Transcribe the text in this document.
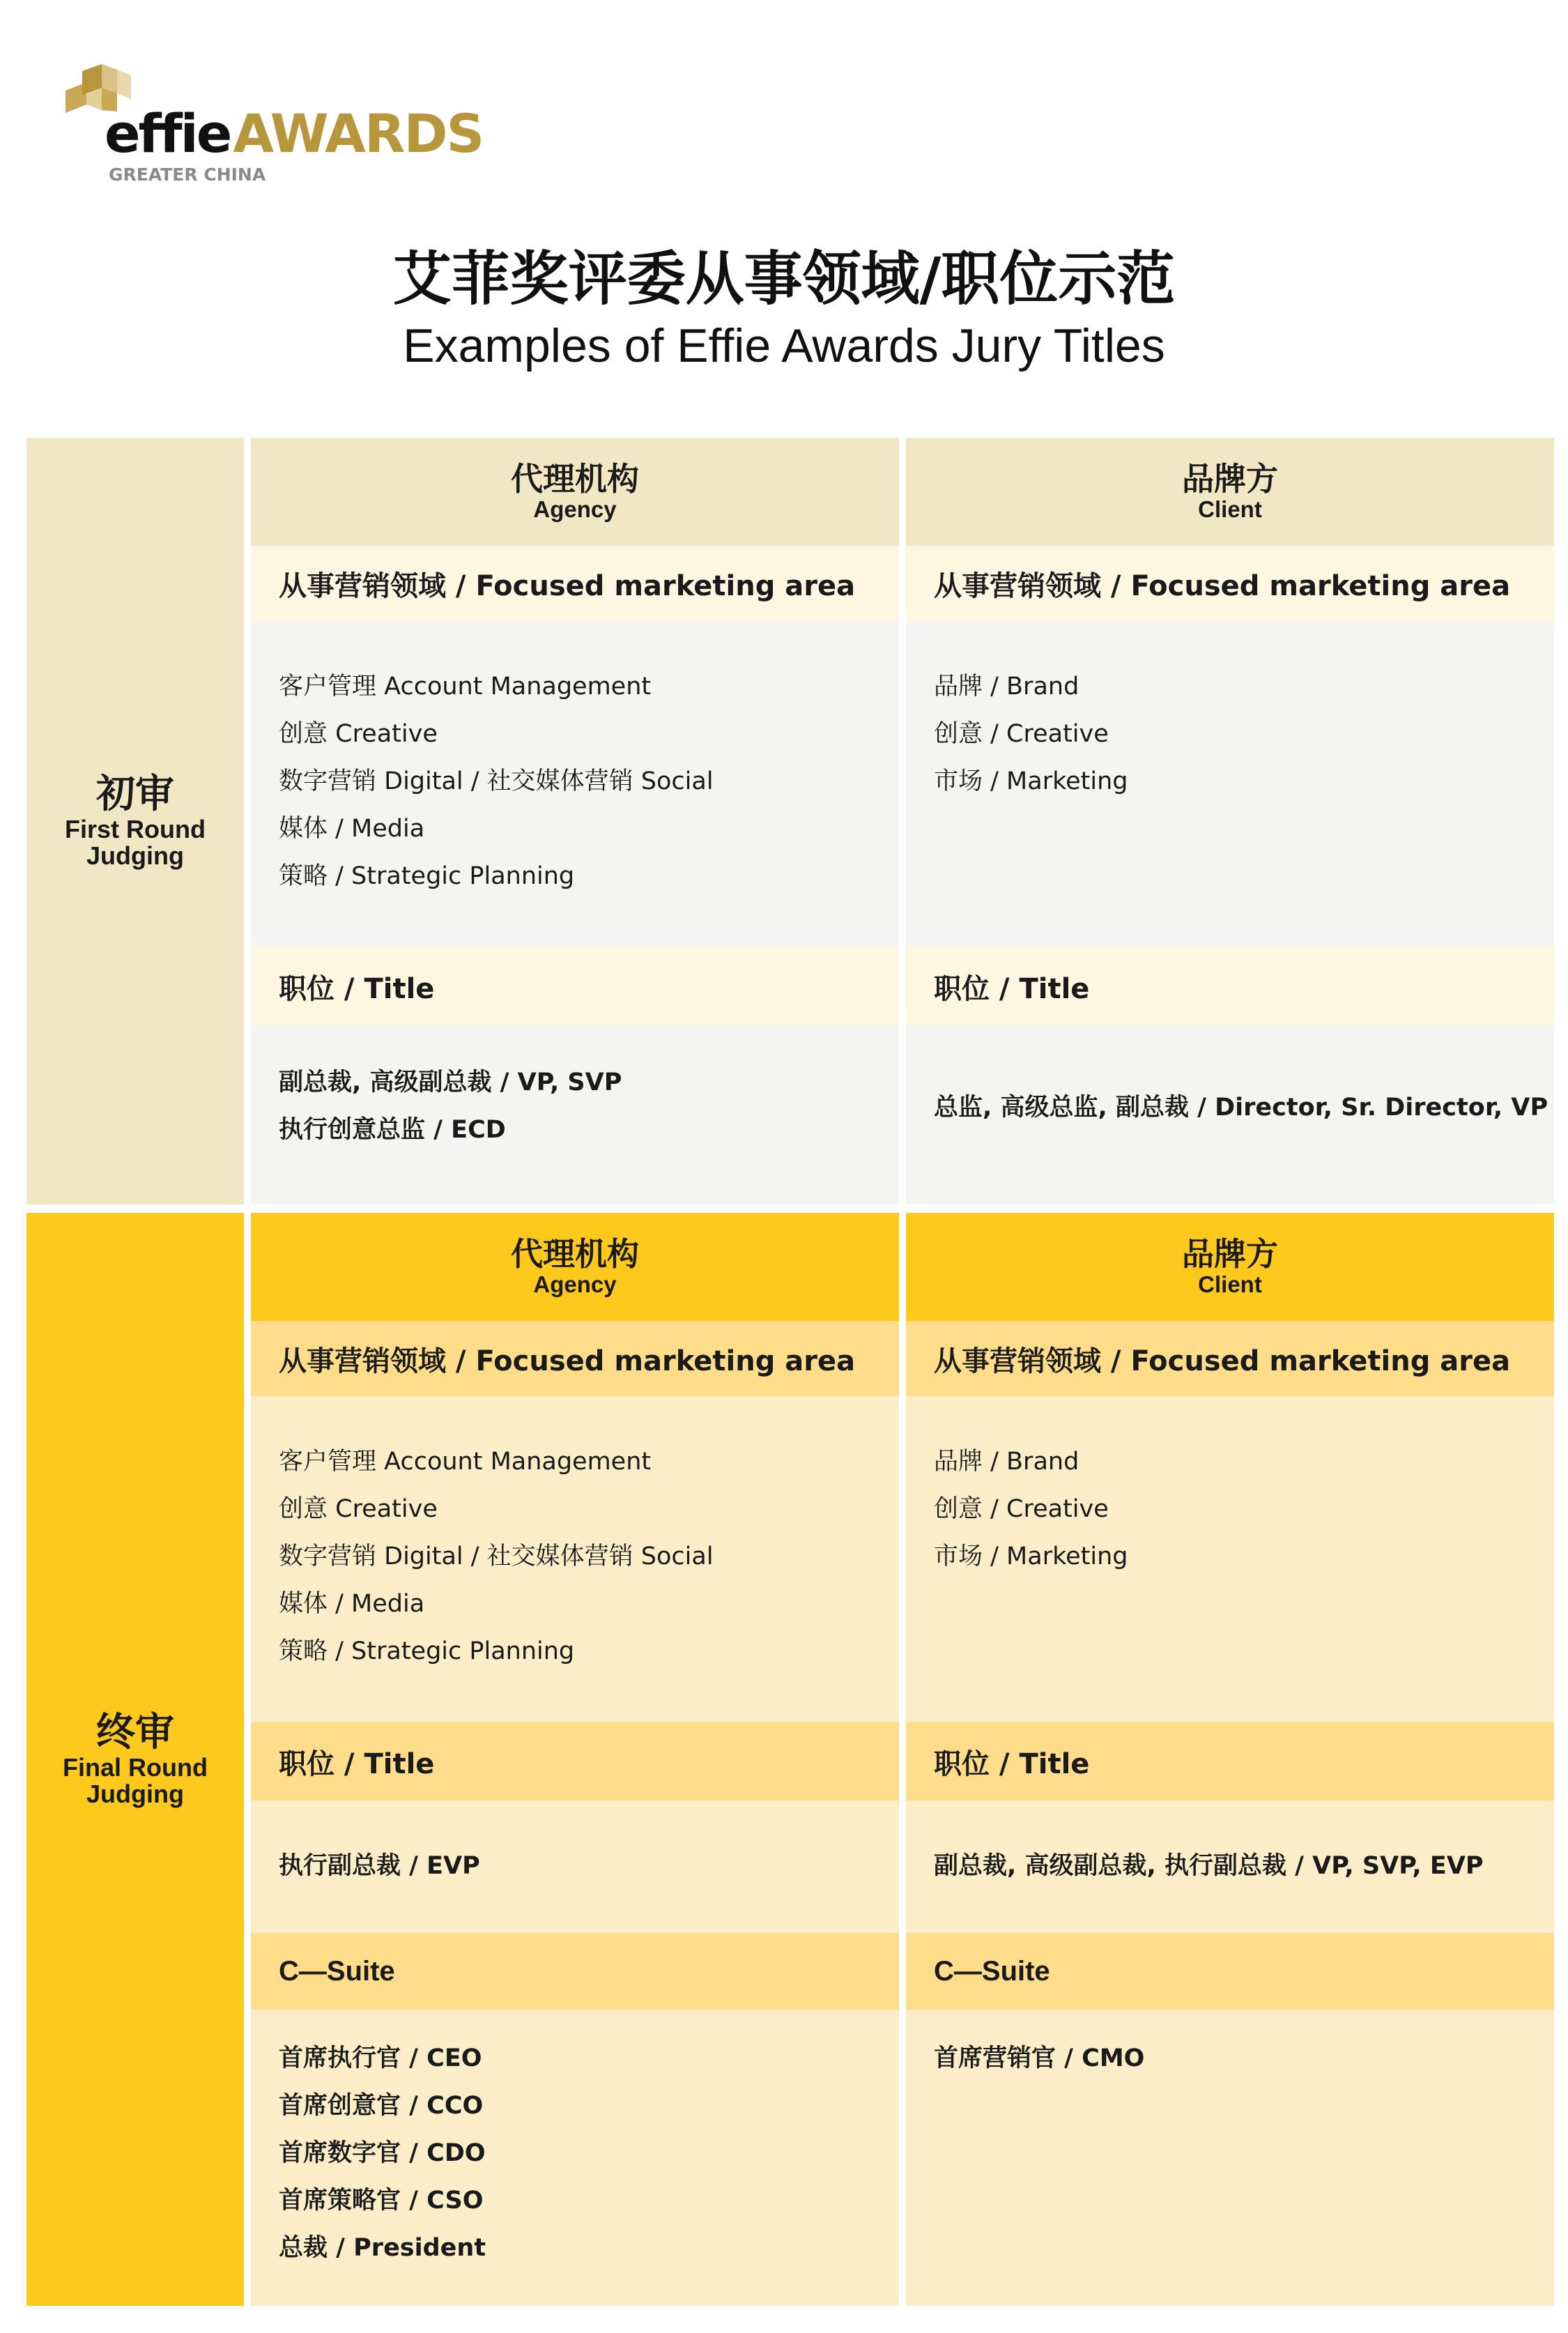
effieAWARDS
GREATER CHINA
艾菲奖评委从事领域/职位示范
Examples of Effie Awards Jury Titles
初审
First Round Judging
代理机构
Agency
从事营销领域 / Focused marketing area
客户管理 Account Management
创意 Creative
数字营销 Digital / 社交媒体营销 Social
媒体 / Media
策略 / Strategic Planning
职位 / Title
副总裁, 高级副总裁 / VP, SVP
执行创意总监 / ECD
品牌方
Client
从事营销领域 / Focused marketing area
品牌 / Brand
创意 / Creative
市场 / Marketing
职位 / Title
总监, 高级总监, 副总裁 / Director, Sr. Director, VP
终审
Final Round Judging
代理机构
Agency
从事营销领域 / Focused marketing area
客户管理 Account Management
创意 Creative
数字营销 Digital / 社交媒体营销 Social
媒体 / Media
策略 / Strategic Planning
职位 / Title
执行副总裁 / EVP
C—Suite
首席执行官 / CEO
首席创意官 / CCO
首席数字官 / CDO
首席策略官 / CSO
总裁 / President
品牌方
Client
从事营销领域 / Focused marketing area
品牌 / Brand
创意 / Creative
市场 / Marketing
职位 / Title
副总裁, 高级副总裁, 执行副总裁 / VP, SVP, EVP
C—Suite
首席营销官 / CMO
